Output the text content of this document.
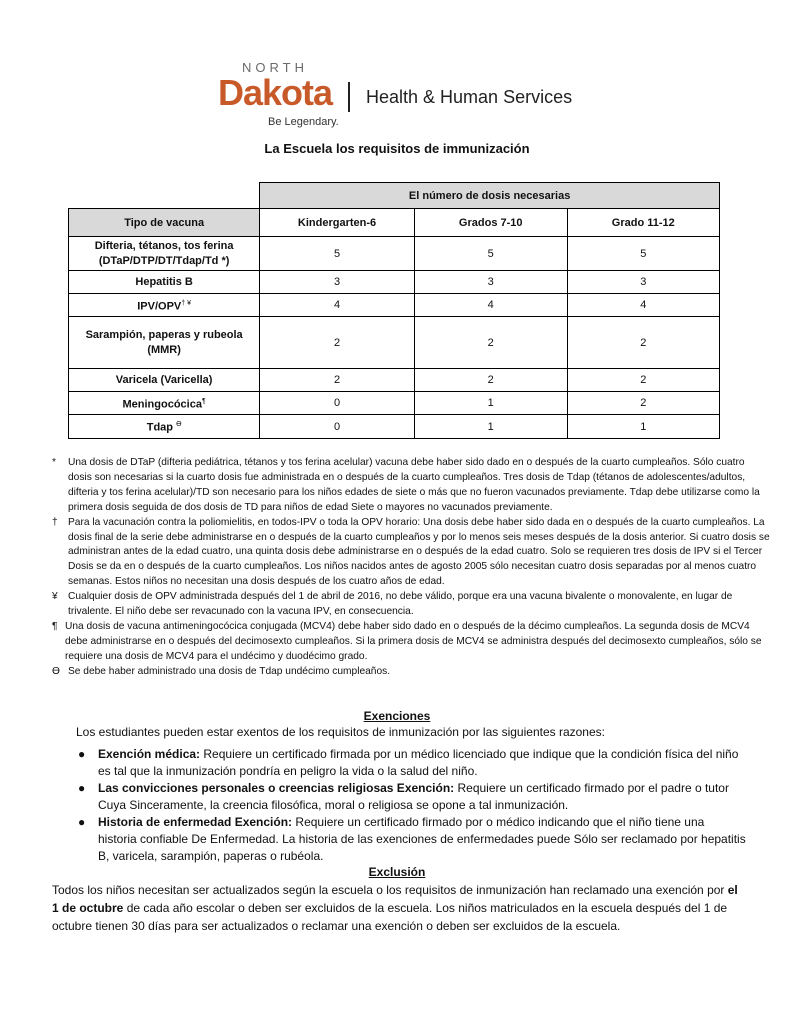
NORTH
Dakota
Be Legendary.
Health & Human Services
La Escuela los requisitos de immunización
	El número de dosis necesarias		
Tipo de vacuna	Kindergarten-6	Grados 7-10	Grado 11-12
Difteria, tétanos, tos ferina (DTaP/DTP/DT/Tdap/Td *)	5	5	5
Hepatitis B	3	3	3
IPV/OPV† ¥	4	4	4
Sarampión, paperas y rubeola (MMR)	2	2	2
Varicela (Varicella)	2	2	2
Meningocócica¶	0	1	2
Tdap $^ϴ$	0	1	1
*	Una dosis de DTaP (difteria pediátrica, tétanos y tos ferina acelular) vacuna debe haber sido dado en o después de la cuarto cumpleaños. Sólo cuatro dosis son necesarias si la cuarto dosis fue administrada en o después de la cuarto cumpleaños. Tres dosis de Tdap (tétanos de adolescentes/adultos, difteria y tos ferina acelular)/TD son necesario para los niños edades de siete o más que no fueron vacunados previamente. Tdap debe utilizarse como la primera dosis seguida de dos dosis de TD para niños de edad Siete o mayores no vacunados previamente.
†	Para la vacunación contra la poliomielitis, en todos-IPV o toda la OPV horario: Una dosis debe haber sido dada en o después de la cuarto cumpleaños. La dosis final de la serie debe administrarse en o después de la cuarto cumpleaños y por lo menos seis meses después de la dosis anterior. Si cuatro dosis se administran antes de la edad cuatro, una quinta dosis debe administrarse en o después de la edad cuatro. Solo se requieren tres dosis de IPV si el Tercer Dosis se da en o después de la cuarto cumpleaños. Los niños nacidos antes de agosto 2005 sólo necesitan cuatro dosis separadas por al menos cuatro semanas. Estos niños no necesitan una dosis después de los cuatro años de edad.
¥	Cualquier dosis de OPV administrada después del 1 de abril de 2016, no debe válido, porque era una vacuna bivalente o monovalente, en lugar de trivalente. El niño debe ser revacunado con la vacuna IPV, en consecuencia.
¶ Una dosis de vacuna antimeningocócica conjugada (MCV4) debe haber sido dado en o después de la décimo cumpleaños. La segunda dosis de MCV4 debe administrarse en o después del decimosexto cumpleaños. Si la primera dosis de MCV4 se administra después del decimosexto cumpleaños, sólo se requiere una dosis de MCV4 para el undécimo y duodécimo grado.
ϴ Se debe haber administrado una dosis de Tdap undécimo cumpleaños.
Exenciones
Los estudiantes pueden estar exentos de los requisitos de inmunización por las siguientes razones:
● Exención médica: Requiere un certificado firmada por un médico licenciado que indique que la condición física del niño es tal que la inmunización pondría en peligro la vida o la salud del niño.
● Las convicciones personales o creencias religiosas Exención: Requiere un certificado firmado por el padre o tutor Cuya Sinceramente, la creencia filosófica, moral o religiosa se opone a tal inmunización.
● Historia de enfermedad Exención: Requiere un certificado firmado por o médico indicando que el niño tiene una historia confiable De Enfermedad. La historia de las exenciones de enfermedades puede Sólo ser reclamado por hepatitis B, varicela, sarampión, paperas o rubéola.
Exclusión
Todos los niños necesitan ser actualizados según la escuela o los requisitos de inmunización han reclamado una exención por el 1 de octubre de cada año escolar o deben ser excluidos de la escuela. Los niños matriculados en la escuela después del 1 de octubre tienen 30 días para ser actualizados o reclamar una exención o deben ser excluidos de la escuela.
